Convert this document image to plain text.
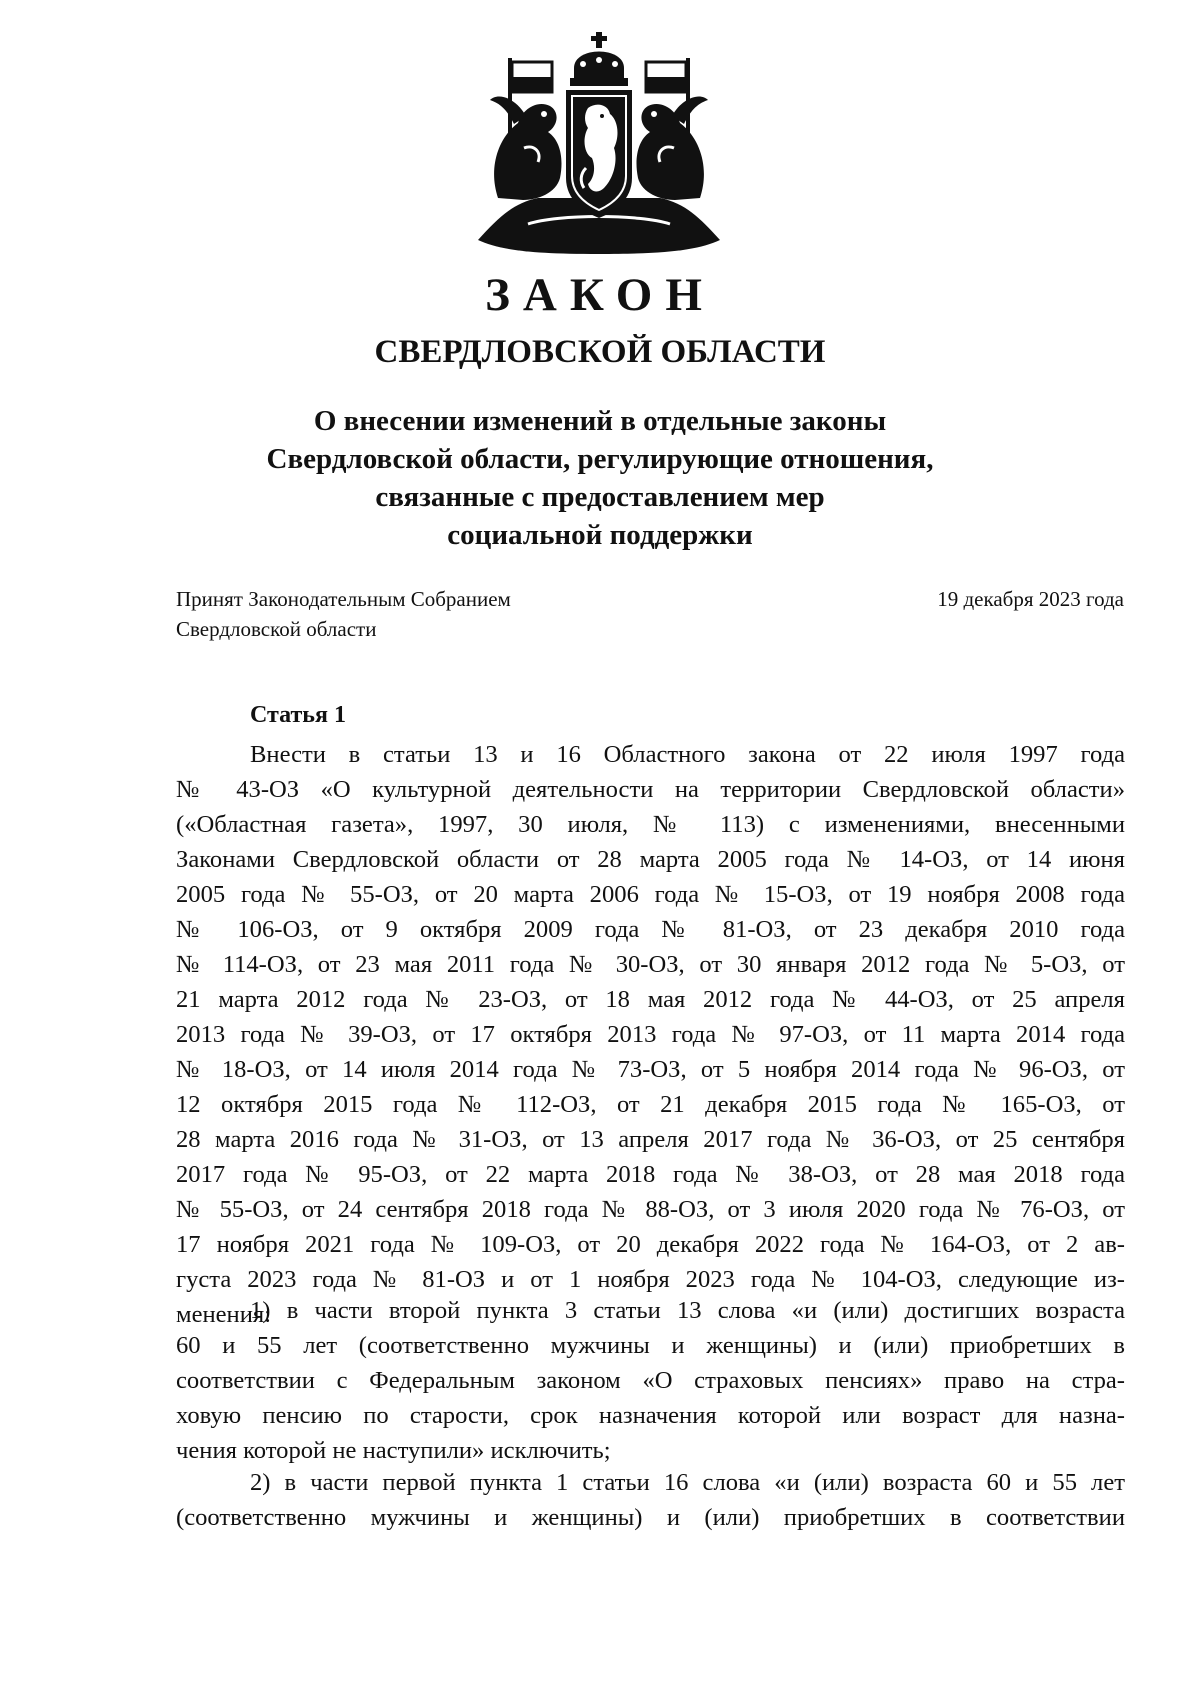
ЗАКОН
СВЕРДЛОВСКОЙ ОБЛАСТИ
О внесении изменений в отдельные законы
Свердловской области, регулирующие отношения,
связанные с предоставлением мер
социальной поддержки
Принят Законодательным Собранием
Свердловской области
19 декабря 2023 года
Статья 1
Внести в статьи 13 и 16 Областного закона от 22 июля 1997 года
№ 43-ОЗ «О культурной деятельности на территории Свердловской области»
(«Областная газета», 1997, 30 июля, № 113) с изменениями, внесенными
Законами Свердловской области от 28 марта 2005 года № 14-ОЗ, от 14 июня
2005 года № 55-ОЗ, от 20 марта 2006 года № 15-ОЗ, от 19 ноября 2008 года
№ 106-ОЗ, от 9 октября 2009 года № 81-ОЗ, от 23 декабря 2010 года
№ 114-ОЗ, от 23 мая 2011 года № 30-ОЗ, от 30 января 2012 года № 5-ОЗ, от
21 марта 2012 года № 23-ОЗ, от 18 мая 2012 года № 44-ОЗ, от 25 апреля
2013 года № 39-ОЗ, от 17 октября 2013 года № 97-ОЗ, от 11 марта 2014 года
№ 18-ОЗ, от 14 июля 2014 года № 73-ОЗ, от 5 ноября 2014 года № 96-ОЗ, от
12 октября 2015 года № 112-ОЗ, от 21 декабря 2015 года № 165-ОЗ, от
28 марта 2016 года № 31-ОЗ, от 13 апреля 2017 года № 36-ОЗ, от 25 сентября
2017 года № 95-ОЗ, от 22 марта 2018 года № 38-ОЗ, от 28 мая 2018 года
№ 55-ОЗ, от 24 сентября 2018 года № 88-ОЗ, от 3 июля 2020 года № 76-ОЗ, от
17 ноября 2021 года № 109-ОЗ, от 20 декабря 2022 года № 164-ОЗ, от 2 ав-
густа 2023 года № 81-ОЗ и от 1 ноября 2023 года № 104-ОЗ, следующие из-
менения:
1) в части второй пункта 3 статьи 13 слова «и (или) достигших возраста
60 и 55 лет (соответственно мужчины и женщины) и (или) приобретших в
соответствии с Федеральным законом «О страховых пенсиях» право на стра-
ховую пенсию по старости, срок назначения которой или возраст для назна-
чения которой не наступили» исключить;
2) в части первой пункта 1 статьи 16 слова «и (или) возраста 60 и 55 лет
(соответственно мужчины и женщины) и (или) приобретших в соответствии
